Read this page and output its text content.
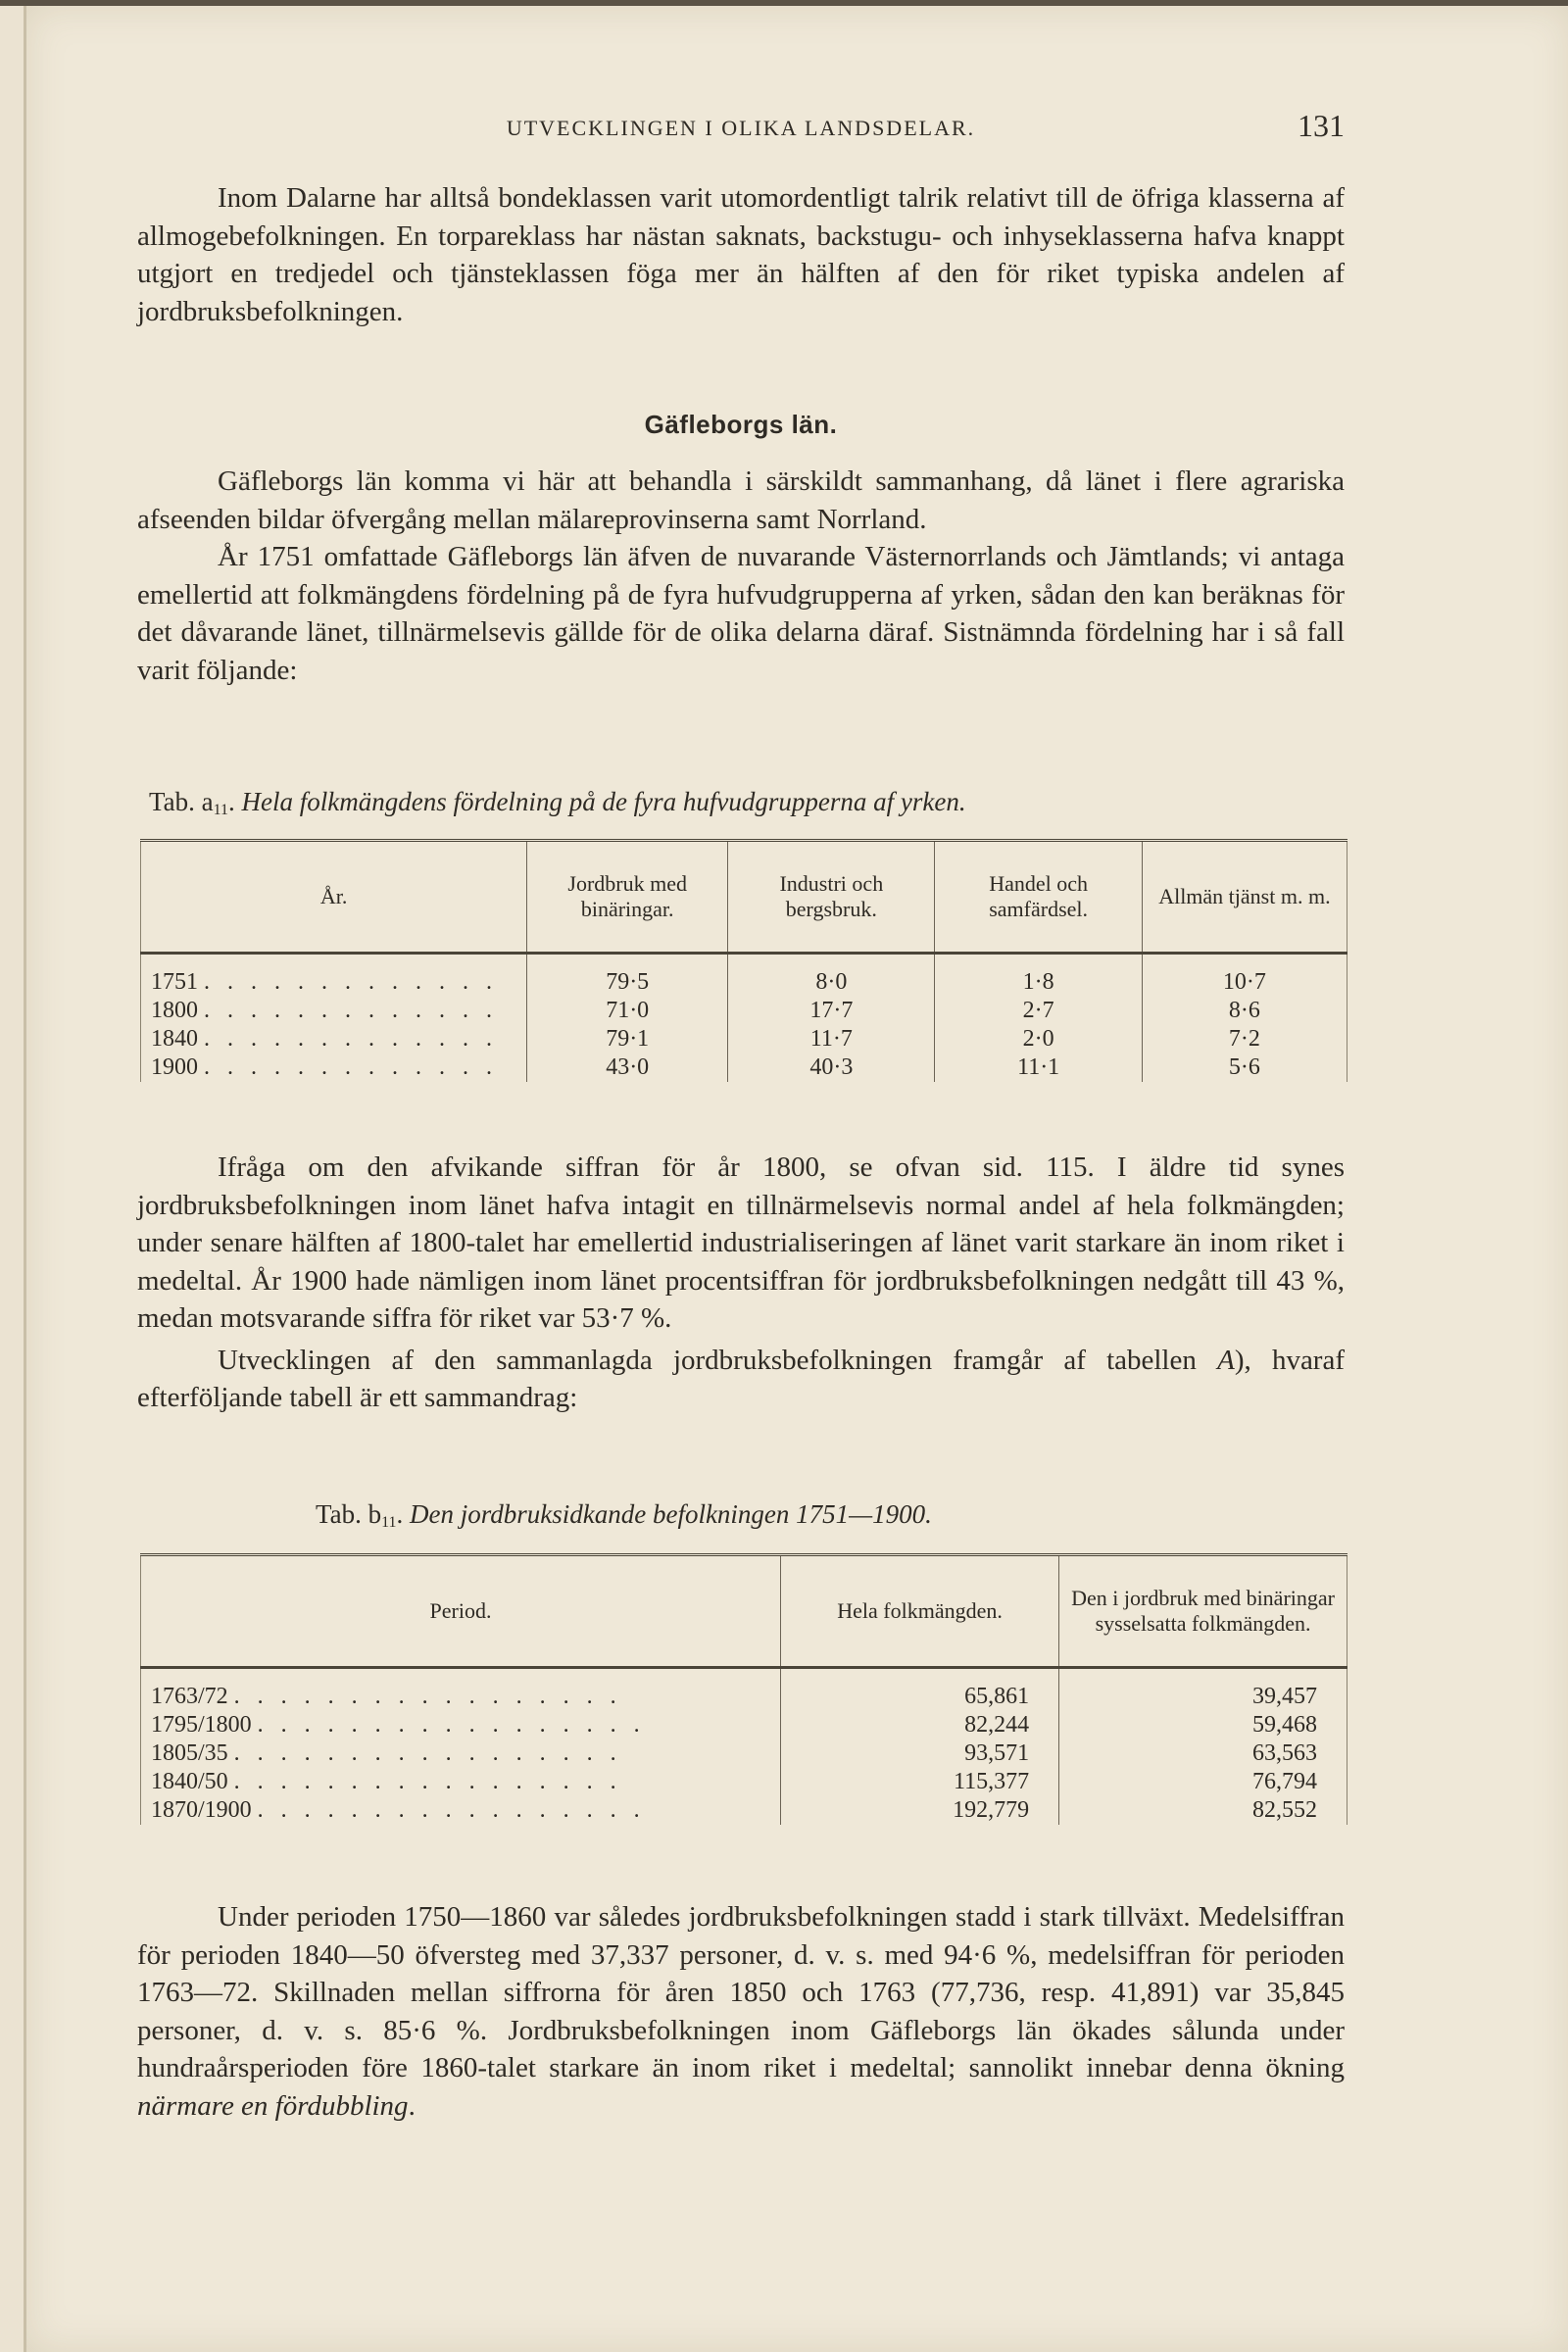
UTVECKLINGEN I OLIKA LANDSDELAR.	131

Inom Dalarne har alltså bondeklassen varit utomordentligt talrik relativt till de öfriga klasserna af allmogebefolkningen. En torpareklass har nästan saknats, backstugu- och inhyseklasserna hafva knappt utgjort en tredjedel och tjänsteklassen föga mer än hälften af den för riket typiska andelen af jordbruksbefolkningen.

Gäfleborgs län.

Gäfleborgs län komma vi här att behandla i särskildt sammanhang, då länet i flere agrariska afseenden bildar öfvergång mellan mälareprovinserna samt Norrland.

År 1751 omfattade Gäfleborgs län äfven de nuvarande Västernorrlands och Jämtlands; vi antaga emellertid att folkmängdens fördelning på de fyra hufvudgrupperna af yrken, sådan den kan beräknas för det dåvarande länet, tillnärmelsevis gällde för de olika delarna däraf. Sistnämnda fördelning har i så fall varit följande:

Tab. $a_{11}$. Hela folkmängdens fördelning på de fyra hufvudgrupperna af yrken.
År.	Jordbruk med binäringar.	Industri och bergsbruk.	Handel och samfärdsel.	Allmän tjänst m. m.
1751 . . . . . . . . . . . . .	79·5	8·0	1·8	10·7
1800 . . . . . . . . . . . . .	71·0	17·7	2·7	8·6
1840 . . . . . . . . . . . . .	79·1	11·7	2·0	7·2
1900 . . . . . . . . . . . . .	43·0	40·3	11·1	5·6

Ifråga om den afvikande siffran för år 1800, se ofvan sid. 115. I äldre tid synes jordbruksbefolkningen inom länet hafva intagit en tillnärmelsevis normal andel af hela folkmängden; under senare hälften af 1800-talet har emellertid industrialiseringen af länet varit starkare än inom riket i medeltal. År 1900 hade nämligen inom länet procentsiffran för jordbruksbefolkningen nedgått till 43 %, medan motsvarande siffra för riket var 53·7 %.

Utvecklingen af den sammanlagda jordbruksbefolkningen framgår af tabellen A), hvaraf efterföljande tabell är ett sammandrag:

Tab. $b_{11}$. Den jordbruksidkande befolkningen 1751—1900.
Period.	Hela folkmängden.	Den i jordbruk med binäringar sysselsatta folkmängden.
1763/72 . . . . . . . . . . . . . . . . .	65,861	39,457
1795/1800 . . . . . . . . . . . . . . . . .	82,244	59,468
1805/35 . . . . . . . . . . . . . . . . .	93,571	63,563
1840/50 . . . . . . . . . . . . . . . . .	115,377	76,794
1870/1900 . . . . . . . . . . . . . . . . .	192,779	82,552

Under perioden 1750—1860 var således jordbruksbefolkningen stadd i stark tillväxt. Medelsiffran för perioden 1840—50 öfversteg med 37,337 personer, d. v. s. med 94·6 %, medelsiffran för perioden 1763—72. Skillnaden mellan siffrorna för åren 1850 och 1763 (77,736, resp. 41,891) var 35,845 personer, d. v. s. 85·6 %. Jordbruksbefolkningen inom Gäfleborgs län ökades sålunda under hundraårsperioden före 1860-talet starkare än inom riket i medeltal; sannolikt innebar denna ökning närmare en fördubbling.
